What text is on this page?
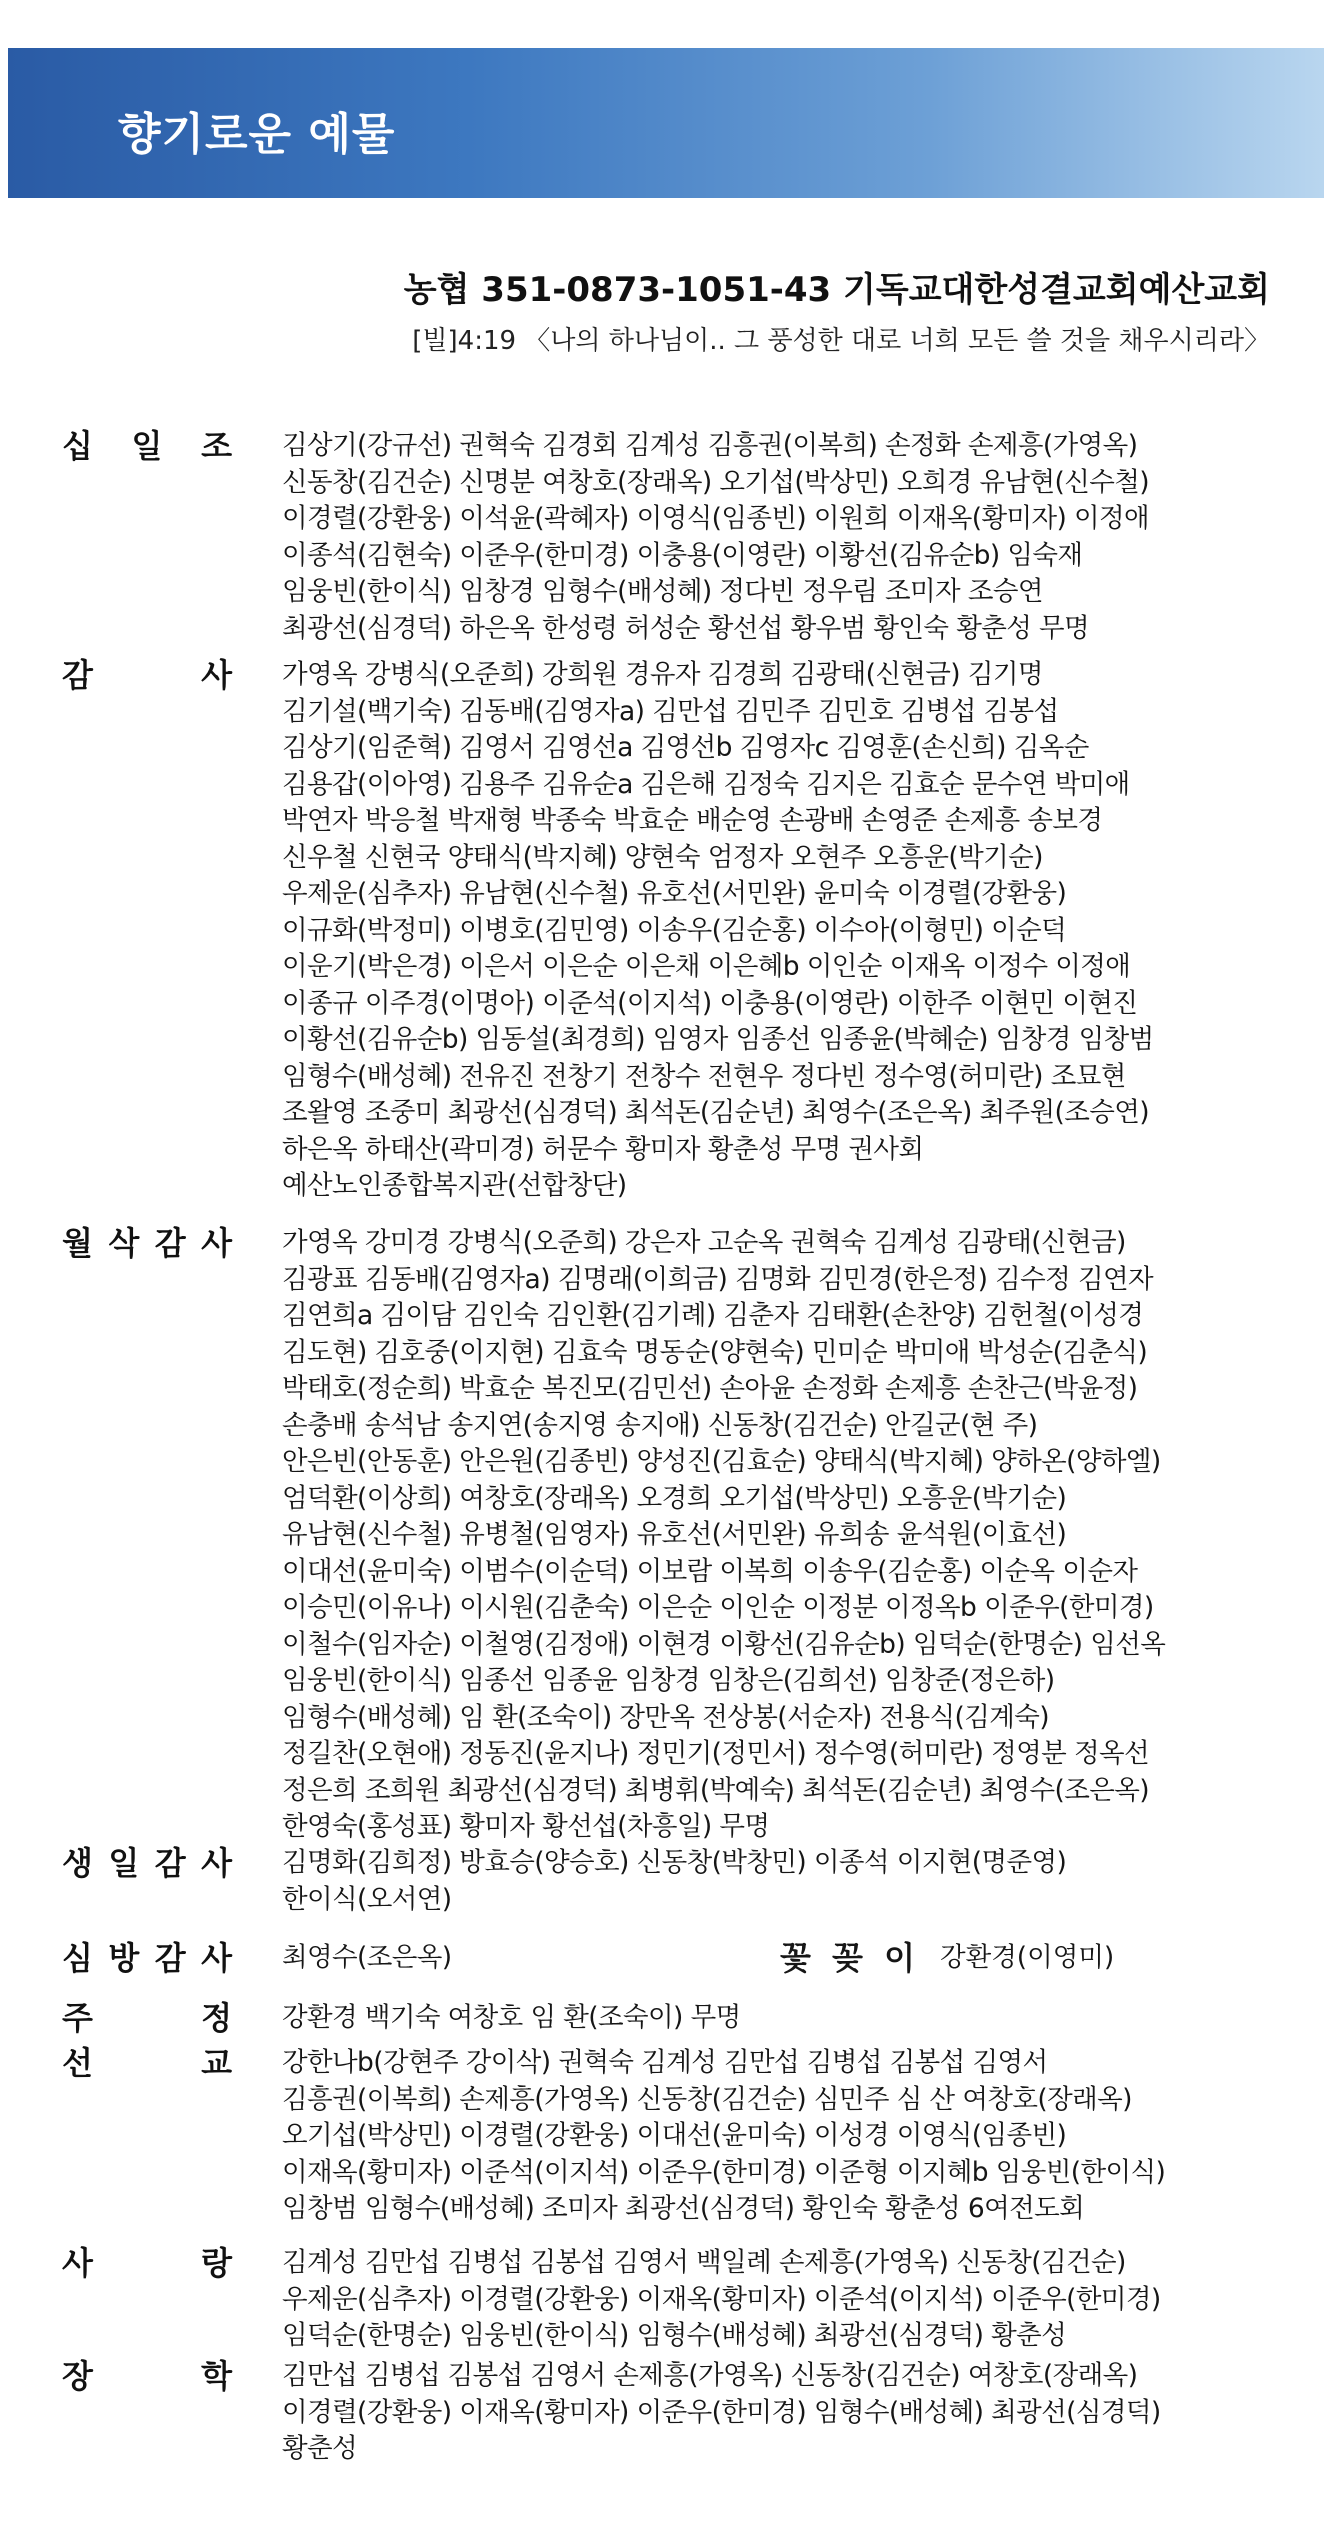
향기로운 예물
농협 351-0873-1051-43 기독교대한성결교회예산교회
[빌]4:19 〈나의 하나님이.. 그 풍성한 대로 너희 모든 쓸 것을 채우시리라〉
십 일 조 김상기(강규선) 권혁숙 김경회 김계성 김흥권(이복희) 손정화 손제흥(가영옥)
신동창(김건순) 신명분 여창호(장래옥) 오기섭(박상민) 오희경 유남현(신수철)
이경렬(강환웅) 이석윤(곽혜자) 이영식(임종빈) 이원희 이재옥(황미자) 이정애
이종석(김현숙) 이준우(한미경) 이충용(이영란) 이황선(김유순b) 임숙재
임웅빈(한이식) 임창경 임형수(배성혜) 정다빈 정우림 조미자 조승연
최광선(심경덕) 하은옥 한성령 허성순 황선섭 황우범 황인숙 황춘성 무명
감	사 가영옥 강병식(오준희) 강희원 경유자 김경희 김광태(신현금) 김기명
김기설(백기숙) 김동배(김영자a) 김만섭 김민주 김민호 김병섭 김봉섭
김상기(임준혁) 김영서 김영선a 김영선b 김영자c 김영훈(손신희) 김옥순
김용갑(이아영) 김용주 김유순a 김은해 김정숙 김지은 김효순 문수연 박미애
박연자 박응철 박재형 박종숙 박효순 배순영 손광배 손영준 손제흥 송보경
신우철 신현국 양태식(박지혜) 양현숙 엄정자 오현주 오흥운(박기순)
우제운(심추자) 유남현(신수철) 유호선(서민완) 윤미숙 이경렬(강환웅)
이규화(박정미) 이병호(김민영) 이송우(김순홍) 이수아(이형민) 이순덕
이운기(박은경) 이은서 이은순 이은채 이은혜b 이인순 이재옥 이정수 이정애
이종규 이주경(이명아) 이준석(이지석) 이충용(이영란) 이한주 이현민 이현진
이황선(김유순b) 임동설(최경희) 임영자 임종선 임종윤(박혜순) 임창경 임창범
임형수(배성혜) 전유진 전창기 전창수 전현우 정다빈 정수영(허미란) 조묘현
조왈영 조중미 최광선(심경덕) 최석돈(김순년) 최영수(조은옥) 최주원(조승연)
하은옥 하태산(곽미경) 허문수 황미자 황춘성 무명 권사회
예산노인종합복지관(선합창단)
월 삭 감 사 가영옥 강미경 강병식(오준희) 강은자 고순옥 권혁숙 김계성 김광태(신현금)
김광표 김동배(김영자a) 김명래(이희금) 김명화 김민경(한은정) 김수정 김연자
김연희a 김이담 김인숙 김인환(김기례) 김춘자 김태환(손찬양) 김헌철(이성경
김도현) 김호중(이지현) 김효숙 명동순(양현숙) 민미순 박미애 박성순(김춘식)
박태호(정순희) 박효순 복진모(김민선) 손아윤 손정화 손제흥 손찬근(박윤정)
손충배 송석남 송지연(송지영 송지애) 신동창(김건순) 안길군(현 주)
안은빈(안동훈) 안은원(김종빈) 양성진(김효순) 양태식(박지혜) 양하온(양하엘)
엄덕환(이상희) 여창호(장래옥) 오경희 오기섭(박상민) 오흥운(박기순)
유남현(신수철) 유병철(임영자) 유호선(서민완) 유희송 윤석원(이효선)
이대선(윤미숙) 이범수(이순덕) 이보람 이복희 이송우(김순홍) 이순옥 이순자
이승민(이유나) 이시원(김춘숙) 이은순 이인순 이정분 이정옥b 이준우(한미경)
이철수(임자순) 이철영(김정애) 이현경 이황선(김유순b) 임덕순(한명순) 임선옥
임웅빈(한이식) 임종선 임종윤 임창경 임창은(김희선) 임창준(정은하)
임형수(배성혜) 임 환(조숙이) 장만옥 전상봉(서순자) 전용식(김계숙)
정길찬(오현애) 정동진(윤지나) 정민기(정민서) 정수영(허미란) 정영분 정옥선
정은희 조희원 최광선(심경덕) 최병휘(박예숙) 최석돈(김순년) 최영수(조은옥)
한영숙(홍성표) 황미자 황선섭(차흥일) 무명
생 일 감 사 김명화(김희정) 방효승(양승호) 신동창(박창민) 이종석 이지현(명준영)
한이식(오서연)
심 방 감 사 최영수(조은옥)	꽃 꽂 이 강환경(이영미)
주	정 강환경 백기숙 여창호 임 환(조숙이) 무명
선	교 강한나b(강현주 강이삭) 권혁숙 김계성 김만섭 김병섭 김봉섭 김영서
김흥권(이복희) 손제흥(가영옥) 신동창(김건순) 심민주 심 산 여창호(장래옥)
오기섭(박상민) 이경렬(강환웅) 이대선(윤미숙) 이성경 이영식(임종빈)
이재옥(황미자) 이준석(이지석) 이준우(한미경) 이준형 이지혜b 임웅빈(한이식)
임창범 임형수(배성혜) 조미자 최광선(심경덕) 황인숙 황춘성 6여전도회
사	랑 김계성 김만섭 김병섭 김봉섭 김영서 백일례 손제흥(가영옥) 신동창(김건순)
우제운(심추자) 이경렬(강환웅) 이재옥(황미자) 이준석(이지석) 이준우(한미경)
임덕순(한명순) 임웅빈(한이식) 임형수(배성혜) 최광선(심경덕) 황춘성
장	학 김만섭 김병섭 김봉섭 김영서 손제흥(가영옥) 신동창(김건순) 여창호(장래옥)
이경렬(강환웅) 이재옥(황미자) 이준우(한미경) 임형수(배성혜) 최광선(심경덕)
황춘성
